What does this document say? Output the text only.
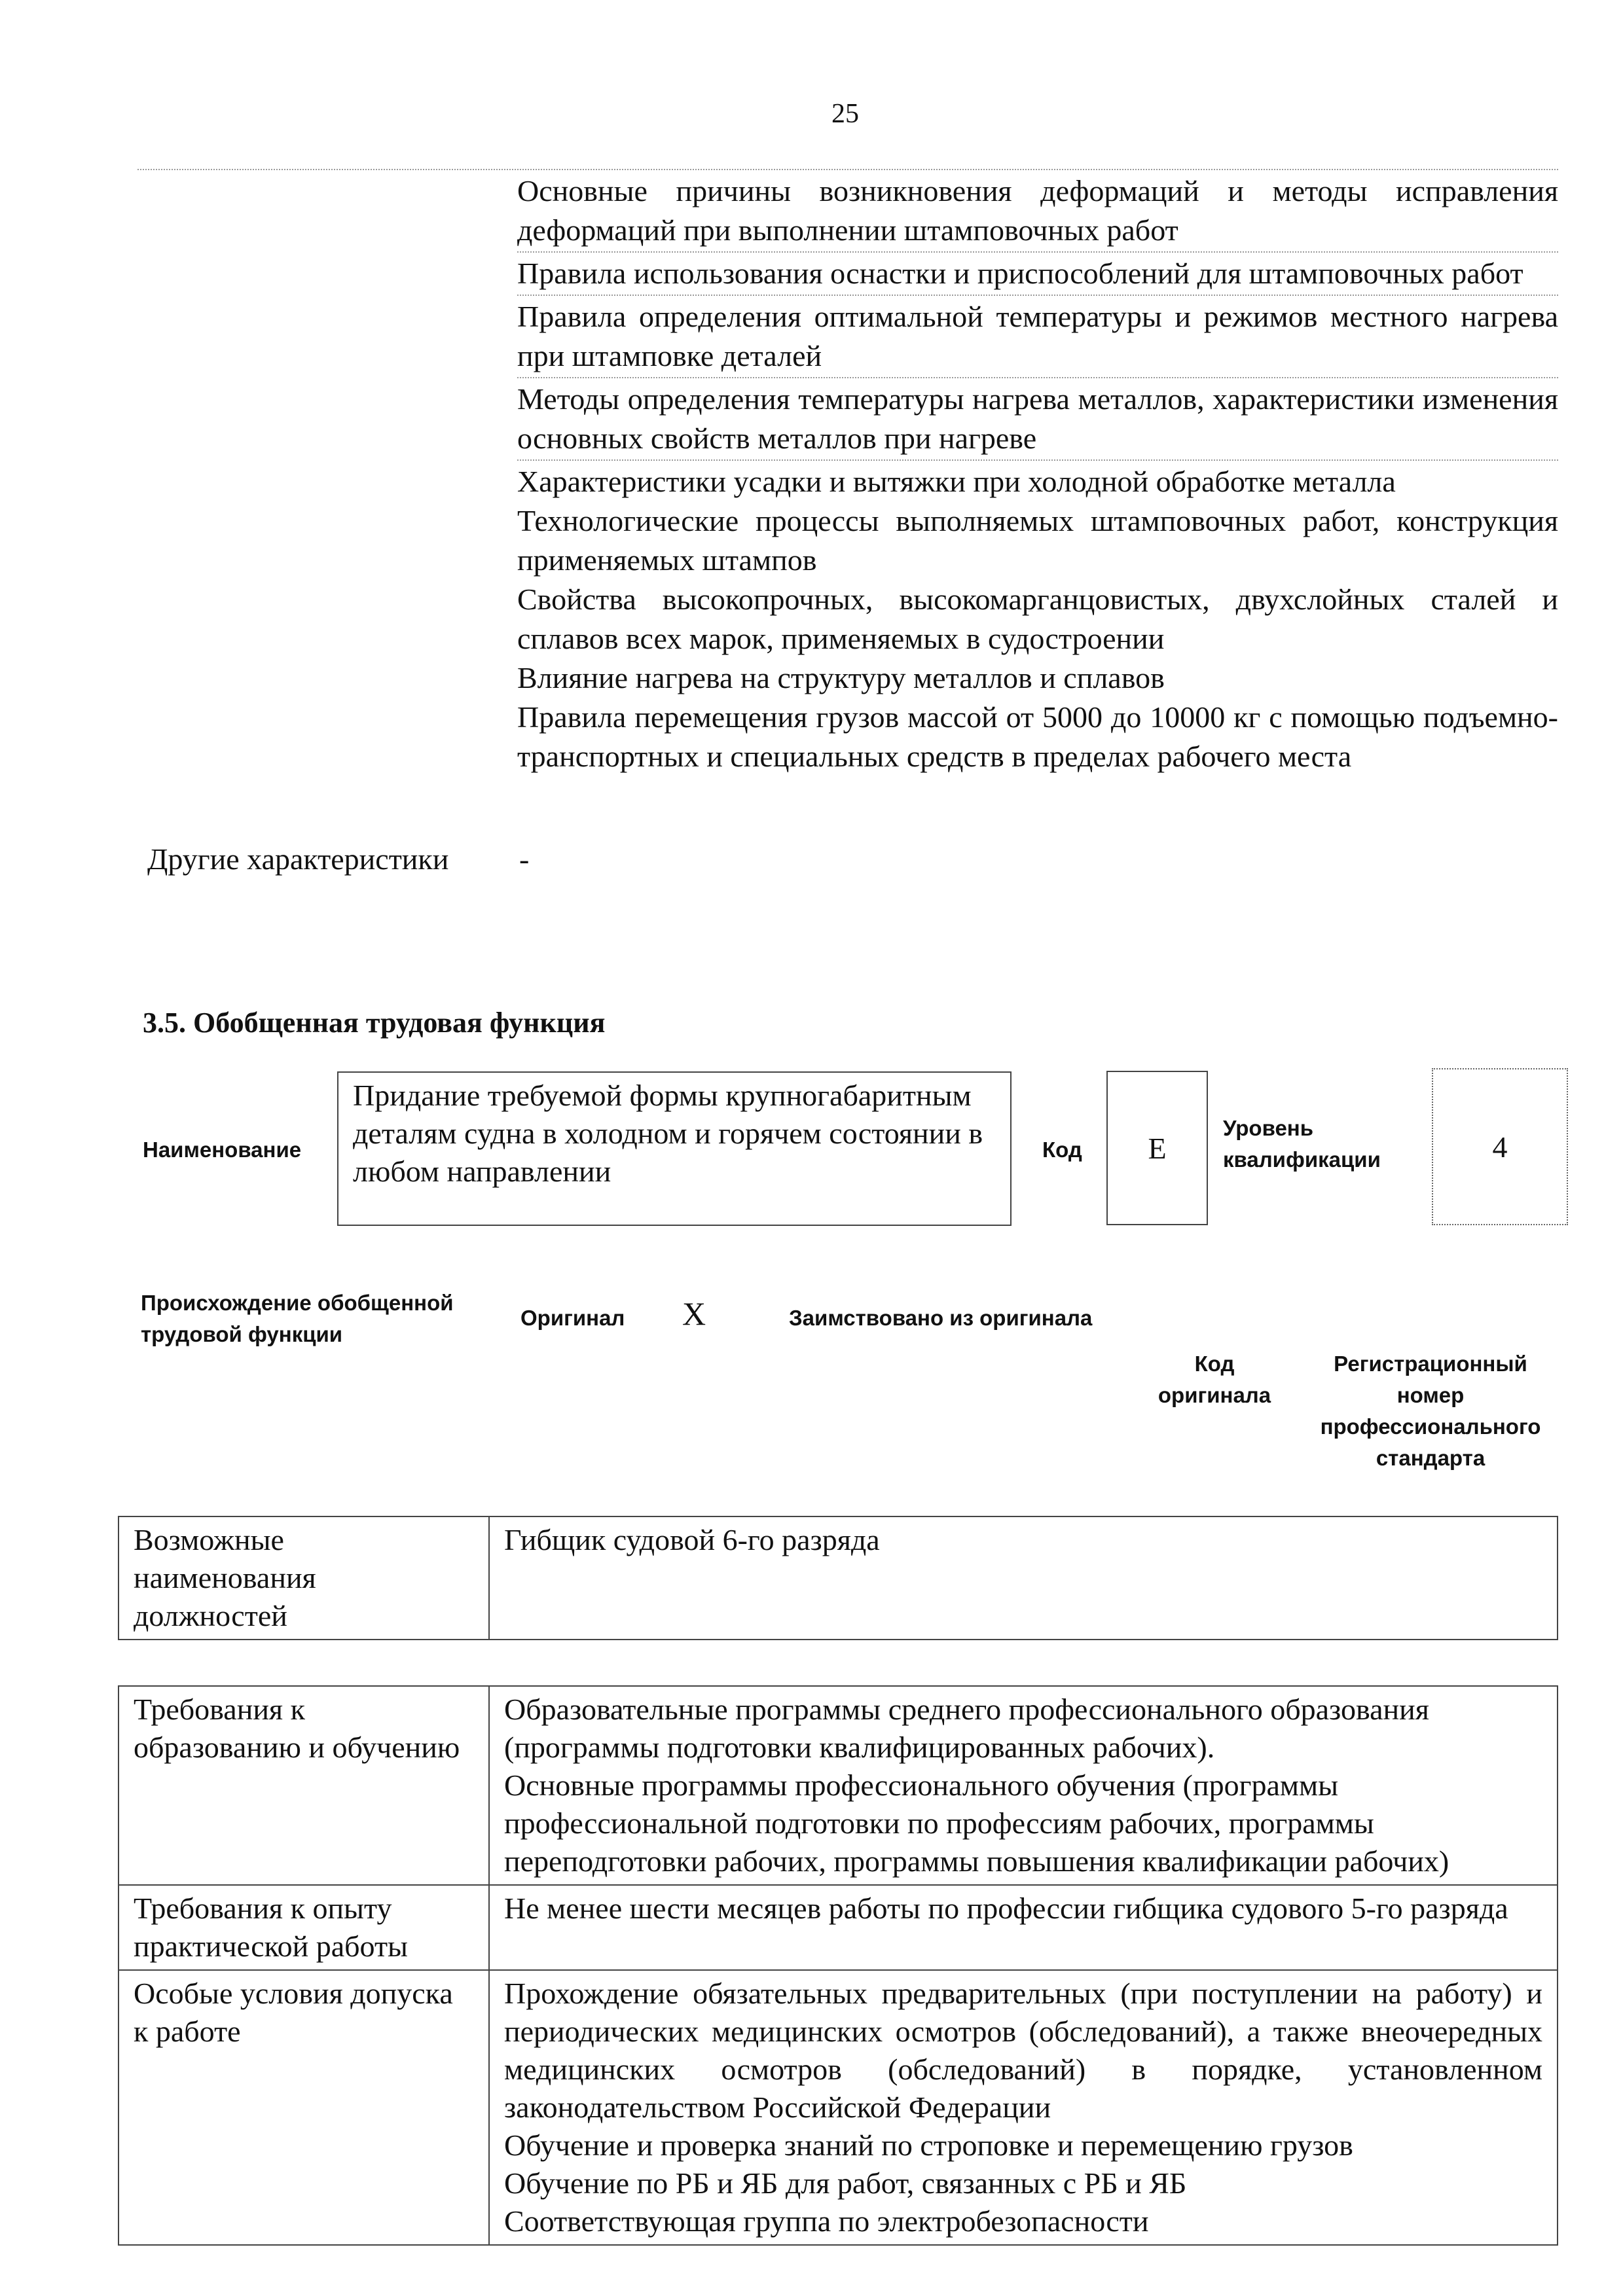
25
Основные причины возникновения деформаций и методы исправления деформаций при выполнении штамповочных работ
Правила использования оснастки и приспособлений для штамповочных работ
Правила определения оптимальной температуры и режимов местного нагрева при штамповке деталей
Методы определения температуры нагрева металлов, характеристики изменения основных свойств металлов при нагреве
Характеристики усадки и вытяжки при холодной обработке металла
Технологические процессы выполняемых штамповочных работ, конструкция применяемых штампов
Свойства высокопрочных, высокомарганцовистых, двухслойных сталей и сплавов всех марок, применяемых в судостроении
Влияние нагрева на структуру металлов и сплавов
Правила перемещения грузов массой от 5000 до 10000 кг с помощью подъемно-транспортных и специальных средств в пределах рабочего места
Другие характеристики -
3.5. Обобщенная трудовая функция
Наименование
Придание требуемой формы крупногабаритным деталям судна в холодном и горячем состоянии в любом направлении
Код	E
Уровень квалификации	4
Происхождение обобщенной трудовой функции
Оригинал X	Заимствовано из оригинала
Код оригинала
Регистрационный номер профессионального стандарта
Возможные наименования должностей	Гибщик судовой 6-го разряда
Требования к образованию и обучению	Образовательные программы среднего профессионального образования (программы подготовки квалифицированных рабочих).
Основные программы профессионального обучения (программы профессиональной подготовки по профессиям рабочих, программы переподготовки рабочих, программы повышения квалификации рабочих)

Требования к опыту практической работы	Не менее шести месяцев работы по профессии гибщика судового 5-го разряда

Особые условия допуска к работе	Прохождение обязательных предварительных (при поступлении на работу) и периодических медицинских осмотров (обследований), а также внеочередных медицинских осмотров (обследований) в порядке, установленном законодательством Российской Федерации
Обучение и проверка знаний по строповке и перемещению грузов
Обучение по РБ и ЯБ для работ, связанных с РБ и ЯБ
Соответствующая группа по электробезопасности
